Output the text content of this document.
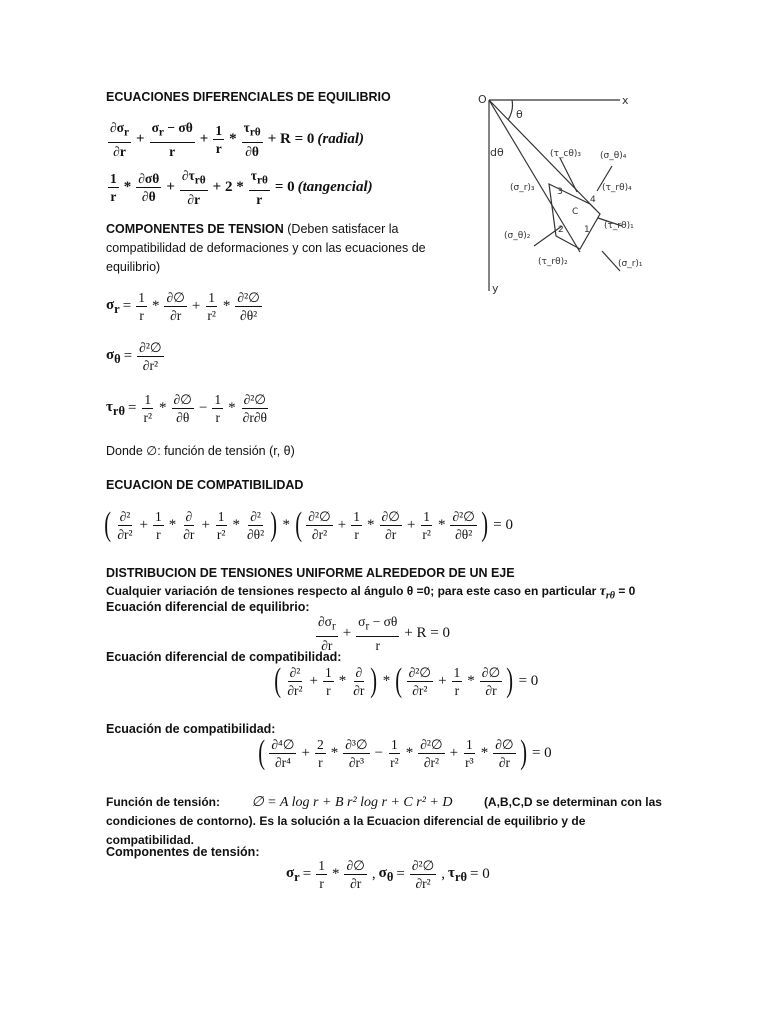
ECUACIONES DIFERENCIALES DE EQUILIBRIO
$\frac{\partial\sigma_r}{\partial r} + \frac{\sigma_r - \sigma\theta}{r} + \frac{1}{r} * \frac{\tau_{r\theta}}{\partial\theta} + R = 0$ (radial)
$\frac{1}{r} * \frac{\partial\sigma\theta}{\partial\theta} + \frac{\partial\tau_{r\theta}}{\partial r} + 2 * \frac{\tau_{r\theta}}{r} = 0$ (tangencial)
COMPONENTES DE TENSION (Deben satisfacer la
compatibilidad de deformaciones y con las ecuaciones de
equilibrio)
$\sigma_r = \frac{1}{r} * \frac{\partial\emptyset}{\partial r} + \frac{1}{\text{r²}} * \frac{\text{∂²∅}}{\text{∂θ²}}$
$\sigma_\theta = \frac{\text{∂²∅}}{\text{∂r²}}$
$\tau_{r\theta} = \frac{1}{\text{r²}} * \frac{\partial\emptyset}{\partial\theta} - \frac{1}{r} * \frac{\text{∂²∅}}{\partial r\partial\theta}$
Donde ∅: función de tensión (r, θ)
ECUACION DE COMPATIBILIDAD
( $\frac{\text{∂²}}{\text{∂r²}} + \frac{1}{r} * \frac{\partial}{\partial r} + \frac{1}{\text{r²}} * \frac{\text{∂²}}{\text{∂θ²}}$ ) * ( $\frac{\text{∂²∅}}{\text{∂r²}} + \frac{1}{r} * \frac{\partial\emptyset}{\partial r} + \frac{1}{\text{r²}} * \frac{\text{∂²∅}}{\text{∂θ²}}$ ) = 0
DISTRIBUCION DE TENSIONES UNIFORME ALREDEDOR DE UN EJE
Cualquier variación de tensiones respecto al ángulo θ =0; para este caso en particular $\tau_{r\theta} = 0$
Ecuación diferencial de equilibrio:
$\frac{\partial\sigma_r}{\partial r} + \frac{\sigma_r - \sigma\theta}{r} + R = 0$
Ecuación diferencial de compatibilidad:
( $\frac{\text{∂²}}{\text{∂r²}} + \frac{1}{r} * \frac{\partial}{\partial r}$ ) * ( $\frac{\text{∂²∅}}{\text{∂r²}} + \frac{1}{r} * \frac{\partial\emptyset}{\partial r}$ ) = 0
Ecuación de compatibilidad:
( $\frac{\text{∂⁴∅}}{\text{∂r⁴}} + \frac{2}{r} * \frac{\text{∂³∅}}{\text{∂r³}} - \frac{1}{\text{r²}} * \frac{\text{∂²∅}}{\text{∂r²}} + \frac{1}{\text{r³}} * \frac{\partial\emptyset}{\partial r}$ ) = 0
Función de tensión: ∅ = A log r + B r² log r + C r² + D	(A,B,C,D se determinan con las
condiciones de contorno). Es la solución a la Ecuacion diferencial de equilibrio y de compatibilidad.
Componentes de tensión:
$\sigma_r = \frac{1}{r} * \frac{\partial\emptyset}{\partial r}$ , $\sigma_\theta = \frac{\text{∂²∅}}{\text{∂r²}}$ , $\tau_{r\theta} = 0$
O	x
y
θ
dθ	(τ_cθ)₃ (σ_θ)₄
(σ_r)₃	(τ_rθ)₄
(τ_rθ)₁
(σ_θ)₂
(τ_rθ)₂	(σ_r)₁
C
3
4
1
2
